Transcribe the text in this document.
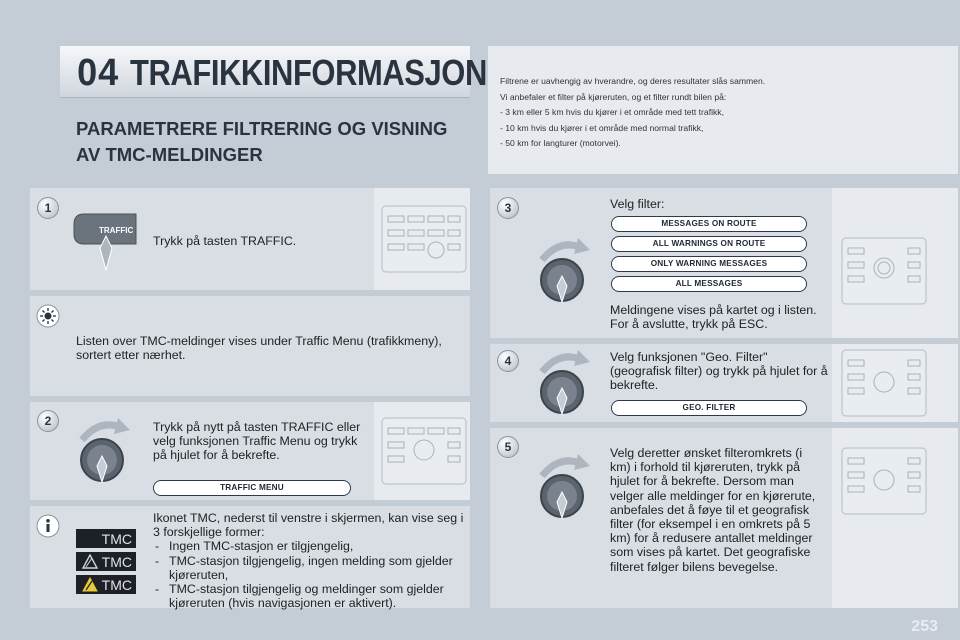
04 TRAFIKKINFORMASJON
PARAMETRERE FILTRERING OG VISNING AV TMC-MELDINGER
Filtrene er uavhengig av hverandre, og deres resultater slås sammen.
Vi anbefaler et filter på kjøreruten, og et filter rundt bilen på:
- 3 km eller 5 km hvis du kjører i et område med tett trafikk,
- 10 km hvis du kjører i et område med normal trafikk,
- 50 km for langturer (motorvei).
1
TRAFFIC
Trykk på tasten TRAFFIC.
Listen over TMC-meldinger vises under Traffic Menu (trafikkmeny), sortert etter nærhet.
2	Trykk på nytt på tasten TRAFFIC eller velg funksjonen Traffic Menu og trykk på hjulet for å bekrefte.
TRAFFIC MENU
TMC
TMC
TMC
Ikonet TMC, nederst til venstre i skjermen, kan vise seg i 3 forskjellige former:
- Ingen TMC-stasjon er tilgjengelig,
- TMC-stasjon tilgjengelig, ingen melding som gjelder kjøreruten,
- TMC-stasjon tilgjengelig og meldinger som gjelder kjøreruten (hvis navigasjonen er aktivert).
3	Velg filter:
MESSAGES ON ROUTE
ALL WARNINGS ON ROUTE
ONLY WARNING MESSAGES
ALL MESSAGES
Meldingene vises på kartet og i listen. For å avslutte, trykk på ESC.
4	Velg funksjonen "Geo. Filter" (geografisk filter) og trykk på hjulet for å bekrefte.
GEO. FILTER
5	Velg deretter ønsket filteromkrets (i km) i forhold til kjøreruten, trykk på hjulet for å bekrefte. Dersom man velger alle meldinger for en kjørerute, anbefales det å føye til et geografisk filter (for eksempel i en omkrets på 5 km) for å redusere antallet meldinger som vises på kartet. Det geografiske filteret følger bilens bevegelse.
253
